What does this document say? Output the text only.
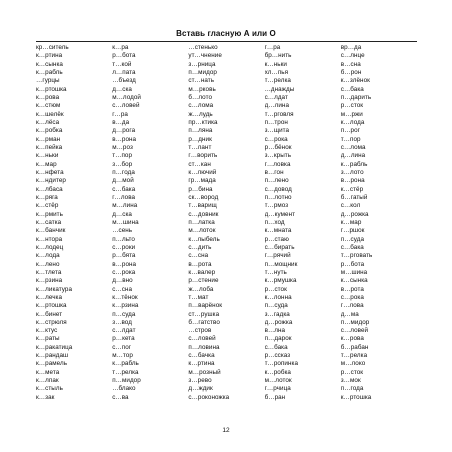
Вставь гласную А или О
кр…ситель
к…ртина
к…сынка
к…рабль
…гурцы
к…ртошка
к…рова
к…стюм
к…шелёк
к…лёса
к…робка
к…рман
к…пейка
к…ньки
к…мар
к…нфета
к…ндитер
к…лбаса
к…ряга
к…стёр
к…рмить
к…сатка
к…банчик
к…нтора
к…лодец
к…лода
к…лено
к…тлета
к…рзина
к…ликатура
к…лечка
к…ртошка
к…бинет
к…стрюля
к…ктус
к…раты
к…ракатица
к…рандаш
к…рамель
к…мета
к…лпак
к…стыль
к…зак
к…ра
р…бота
т…кой
л…пата
…бъезд
д…ска
м…лодой
с…ловей
г…ра
в…да
д…рога
в…рона
м…роз
т…пор
з…бор
п…года
д…мой
с…бака
г…лова
м…лина
д…ска
м…шина
…сень
п…льто
с…роки
р…бята
в…рона
с…рока
д…вно
с…сна
к…тёнок
к…рзина
п…суда
з…вод
с…лдат
р…кета
с…пог
м…тор
к…рабль
т…релка
п…мидор
…блако
с…ва
…стенько
ут…чнение
з…рница
п…мидор
ст…нать
м…рковь
б…лото
с…лома
ж…лудь
пр…ктика
п…ляна
р…дник
т…лант
г…ворить
ст…кан
к…лючий
гр…мада
р…бина
ск…вород
т…варищ
с…довник
п…латка
м…лоток
к…лыбель
с…дить
с…сна
в…рота
к…валер
р…стение
ж…лоба
т…мат
п…варёнок
ст…рушка
б…гатство
…стров
с…ловей
п…ловина
с…бачка
к…ртина
м…розный
з…рево
д…ждик
с…роконожка
г…ра
бр…нить
к…ньки
хл…пья
т…релка
…днажды
с…лдат
д…лина
т…рговля
п…трон
з…щита
с…рока
р…бёнок
з…крыть
г…ловка
в…гон
п…лено
с…довод
п…лотно
т…рмоз
д…кумент
п…ход
к…мната
р…стаю
с…бирать
г…рячий
п…мощник
т…нуть
к…рмушка
р…сток
к…лонна
п…суда
з…гадка
д…рожка
в…лна
п…дарок
с…бака
р…ссказ
т…ропинка
к…робка
м…лоток
г…рчица
б…ран
вр…да
с…лнце
в…сна
б…рон
к…злёнок
с…бака
п…дарить
р…сток
м…ржи
к…лода
п…рог
т…пор
с…лома
д…лина
к…рабль
з…лото
в…рона
к…стёр
б…гатый
с…кол
д…рожка
к…мар
г…ршок
п…суда
с…бака
т…рговать
р…бота
м…шина
к…сынка
в…рота
с…рока
г…лова
д…ма
п…мидор
с…ловей
к…рова
б…рабан
т…релка
м…локо
р…сток
з…мок
п…года
к…ртошка
12
